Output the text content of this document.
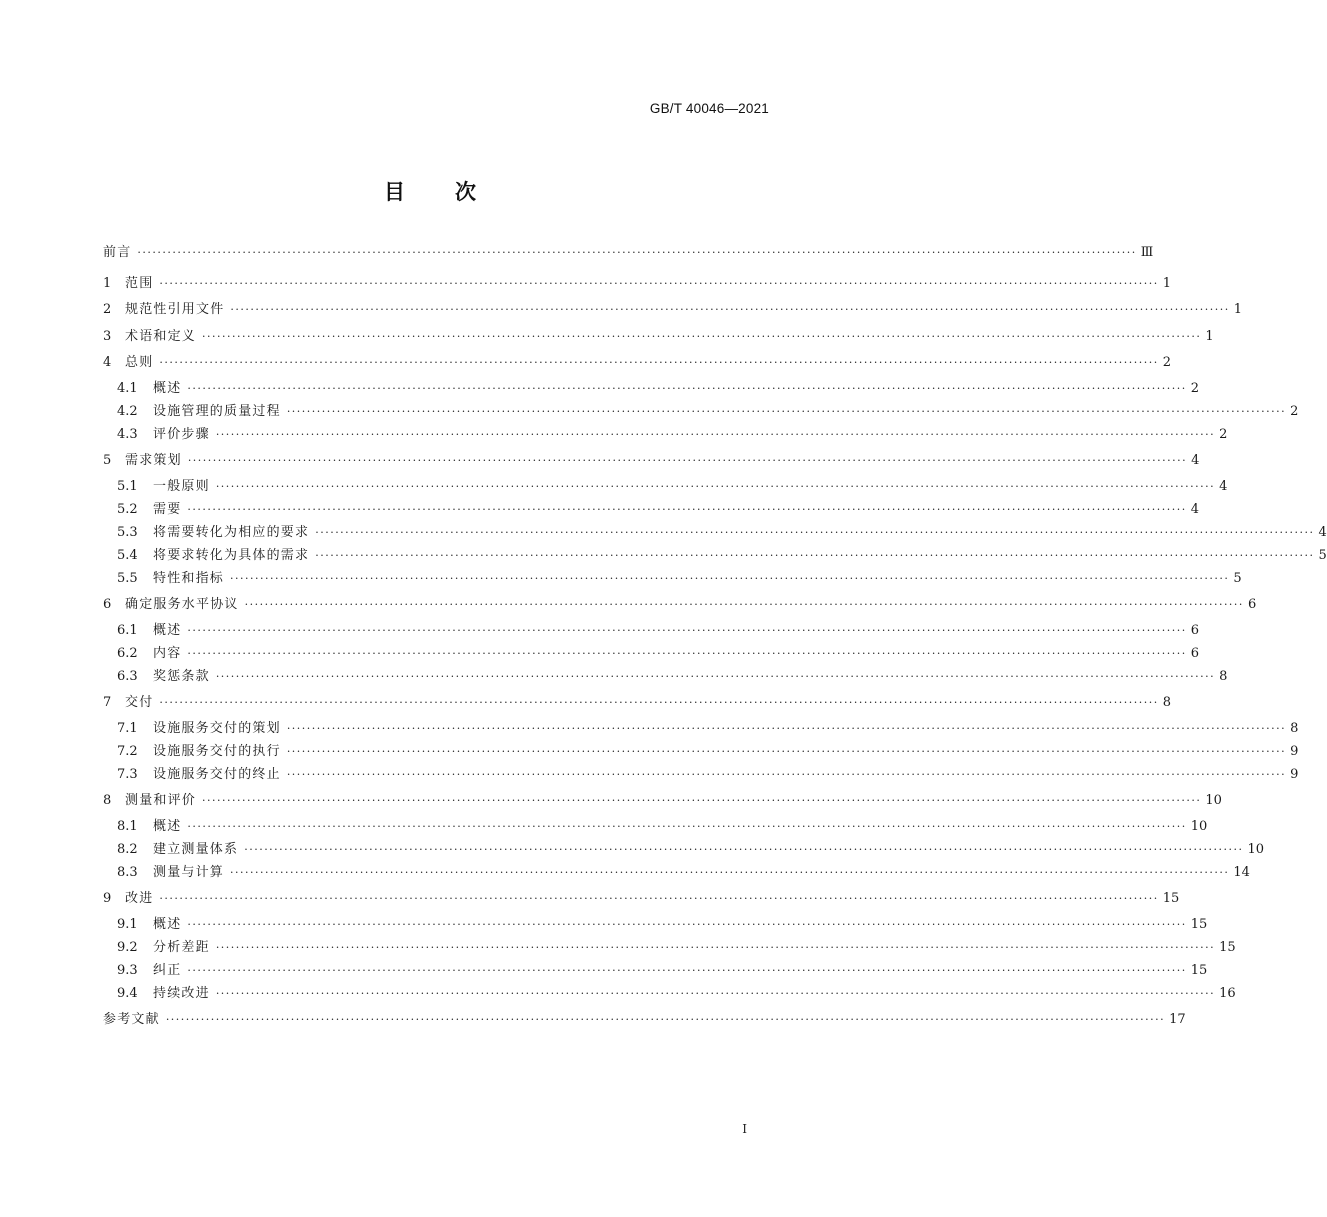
GB/T 40046—2021
目 次
前言 ········································································································································································································ Ⅲ
1	范围 ········································································································································································································ 1
2	规范性引用文件 ········································································································································································································ 1
3	术语和定义 ········································································································································································································ 1
4	总则 ········································································································································································································ 2
4.1	概述 ········································································································································································································ 2
4.2	设施管理的质量过程 ········································································································································································································ 2
4.3	评价步骤 ········································································································································································································ 2
5	需求策划 ········································································································································································································ 4
5.1	一般原则 ········································································································································································································ 4
5.2	需要 ········································································································································································································ 4
5.3	将需要转化为相应的要求 ········································································································································································································ 4
5.4	将要求转化为具体的需求 ········································································································································································································ 5
5.5	特性和指标 ········································································································································································································ 5
6	确定服务水平协议 ········································································································································································································ 6
6.1	概述 ········································································································································································································ 6
6.2	内容 ········································································································································································································ 6
6.3	奖惩条款 ········································································································································································································ 8
7	交付 ········································································································································································································ 8
7.1	设施服务交付的策划 ········································································································································································································ 8
7.2	设施服务交付的执行 ········································································································································································································ 9
7.3	设施服务交付的终止 ········································································································································································································ 9
8	测量和评价 ········································································································································································································ 10
8.1	概述 ········································································································································································································ 10
8.2	建立测量体系 ········································································································································································································ 10
8.3	测量与计算 ········································································································································································································ 14
9	改进 ········································································································································································································ 15
9.1	概述 ········································································································································································································ 15
9.2	分析差距 ········································································································································································································ 15
9.3	纠正 ········································································································································································································ 15
9.4	持续改进 ········································································································································································································ 16
参考文献 ········································································································································································································ 17
I
